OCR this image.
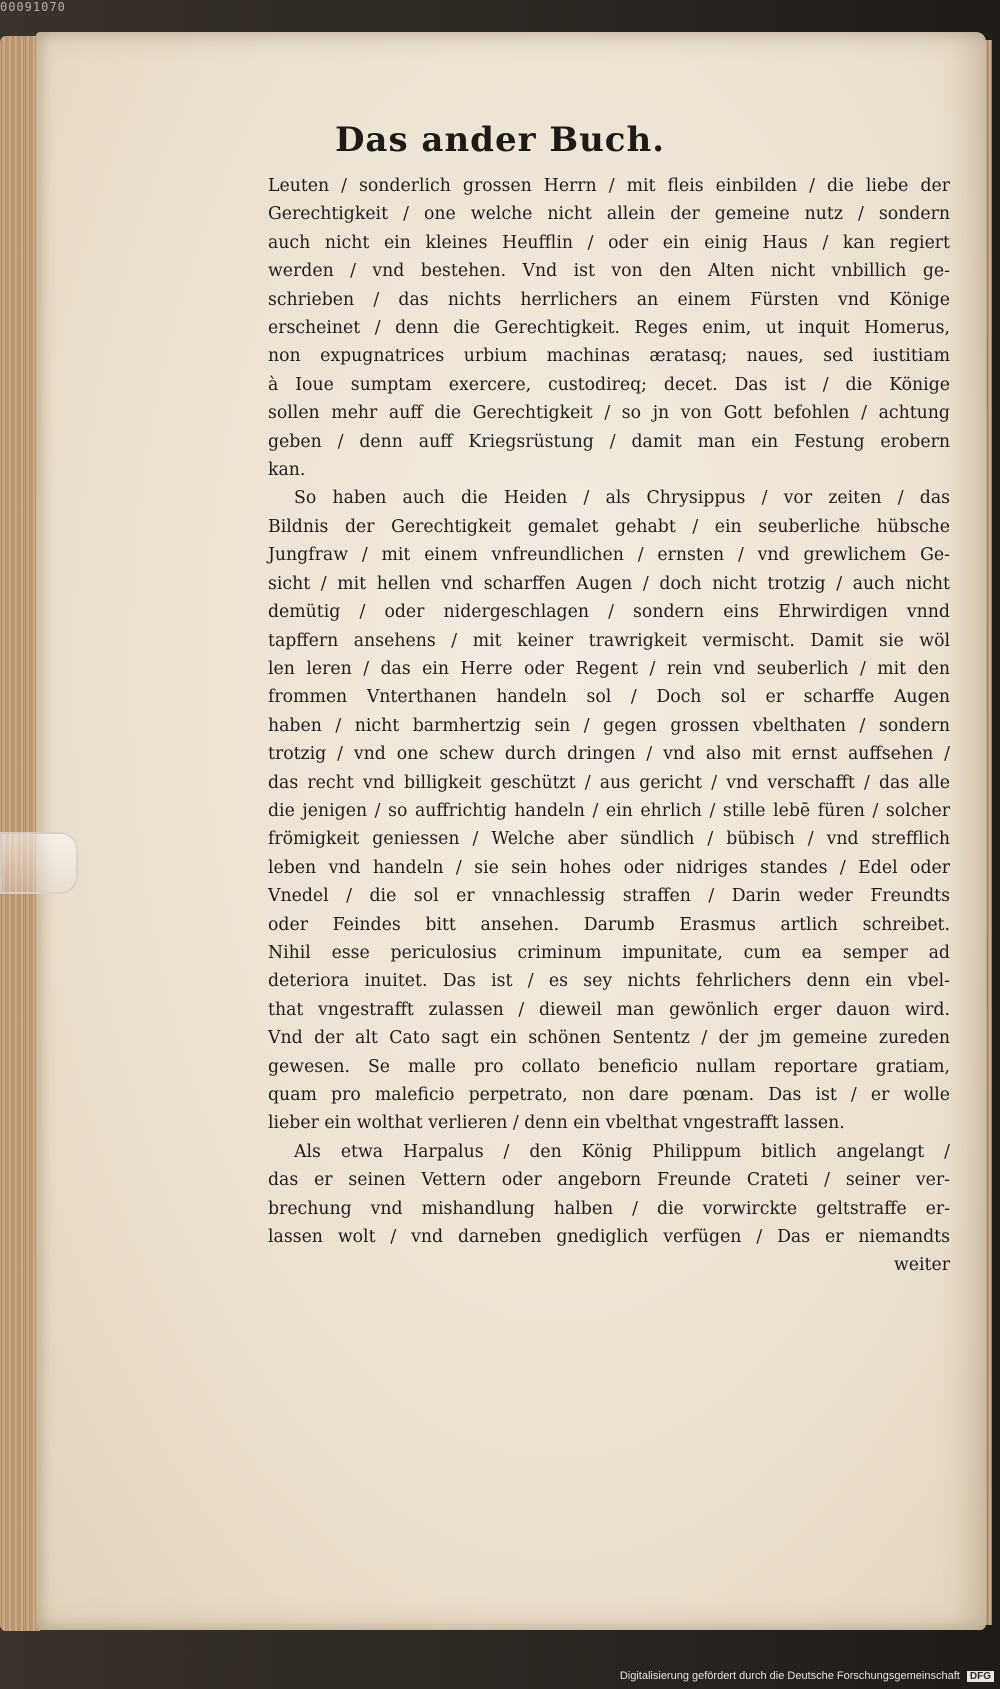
00091070
Das ander Buch.
Leuten / sonderlich grossen Herrn / mit fleis einbilden / die liebe der
Gerechtigkeit / one welche nicht allein der gemeine nutz / sondern
auch nicht ein kleines Heufflin / oder ein einig Haus / kan regiert
werden / vnd bestehen. Vnd ist von den Alten nicht vnbillich ge-
schrieben / das nichts herrlichers an einem Fürsten vnd Könige
erscheinet / denn die Gerechtigkeit. Reges enim, ut inquit Homerus,
non expugnatrices urbium machinas æratasq; naues, sed iustitiam
à Ioue sumptam exercere, custodireq; decet. Das ist / die Könige
sollen mehr auff die Gerechtigkeit / so jn von Gott befohlen / achtung
geben / denn auff Kriegsrüstung / damit man ein Festung erobern
kan.
So haben auch die Heiden / als Chrysippus / vor zeiten / das
Bildnis der Gerechtigkeit gemalet gehabt / ein seuberliche hübsche
Jungfraw / mit einem vnfreundlichen / ernsten / vnd grewlichem Ge-
sicht / mit hellen vnd scharffen Augen / doch nicht trotzig / auch nicht
demütig / oder nidergeschlagen / sondern eins Ehrwirdigen vnnd
tapffern ansehens / mit keiner trawrigkeit vermischt. Damit sie wöl
len leren / das ein Herre oder Regent / rein vnd seuberlich / mit den
frommen Vnterthanen handeln sol / Doch sol er scharffe Augen
haben / nicht barmhertzig sein / gegen grossen vbelthaten / sondern
trotzig / vnd one schew durch dringen / vnd also mit ernst auffsehen /
das recht vnd billigkeit geschützt / aus gericht / vnd verschafft / das alle
die jenigen / so auffrichtig handeln / ein ehrlich / stille lebē füren / solcher
frömigkeit geniessen / Welche aber sündlich / bübisch / vnd strefflich
leben vnd handeln / sie sein hohes oder nidriges standes / Edel oder
Vnedel / die sol er vnnachlessig straffen / Darin weder Freundts
oder Feindes bitt ansehen. Darumb Erasmus artlich schreibet.
Nihil esse periculosius criminum impunitate, cum ea semper ad
deteriora inuitet. Das ist / es sey nichts fehrlichers denn ein vbel-
that vngestrafft zulassen / dieweil man gewönlich erger dauon wird.
Vnd der alt Cato sagt ein schönen Sententz / der jm gemeine zureden
gewesen. Se malle pro collato beneficio nullam reportare gratiam,
quam pro maleficio perpetrato, non dare pœnam. Das ist / er wolle
lieber ein wolthat verlieren / denn ein vbelthat vngestrafft lassen.
Als etwa Harpalus / den König Philippum bitlich angelangt /
das er seinen Vettern oder angeborn Freunde Crateti / seiner ver-
brechung vnd mishandlung halben / die vorwirckte geltstraffe er-
lassen wolt / vnd darneben gnediglich verfügen / Das er niemandts
weiter
Digitalisierung gefördert durch die Deutsche Forschungsgemeinschaft DFG
